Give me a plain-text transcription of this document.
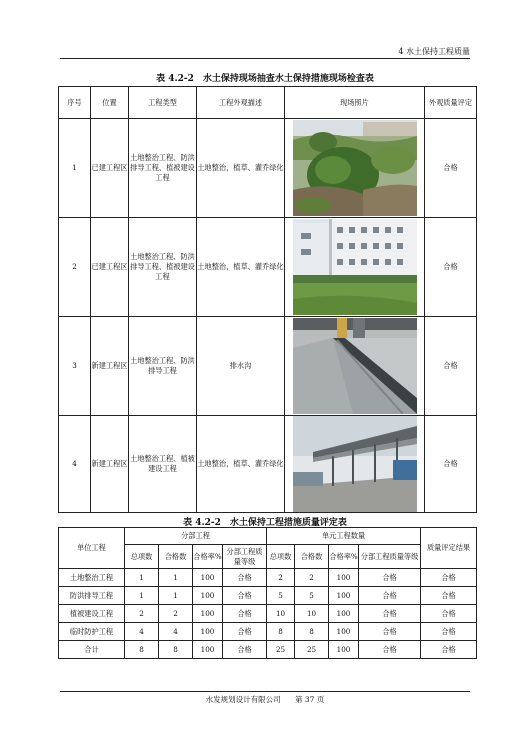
4 水土保持工程质量
表 4.2-2　水土保持现场抽查水土保持措施现场检查表
序号	位置	工程类型	工程外观描述	现场照片	外观质量评定
1	已建工程区	土地整治工程、防洪排导工程、植被建设工程	土地整治，植草、灌乔绿化		合格
2	已建工程区	土地整治工程、防洪排导工程、植被建设工程	土地整治，植草、灌乔绿化		合格
3	新建工程区	土地整治工程、防洪排导工程	排水沟		合格
4	新建工程区	土地整治工程、植被建设工程	土地整治，植草、灌乔绿化		合格
表 4.2-2　水土保持工程措施质量评定表
单位工程	分部工程				单元工程数量				质量评定结果
	总项数	合格数	合格率%	分部工程质量等级	总项数	合格数	合格率%	分部工程质量等级	
土地整治工程	1	1	100	合格	2	2	100	合格	合格
防洪排导工程	1	1	100	合格	5	5	100	合格	合格
植被建设工程	2	2	100	合格	10	10	100	合格	合格
临时防护工程	4	4	100	合格	8	8	100	合格	合格
合计	8	8	100	合格	25	25	100	合格	合格
水发规划设计有限公司 第 37 页
